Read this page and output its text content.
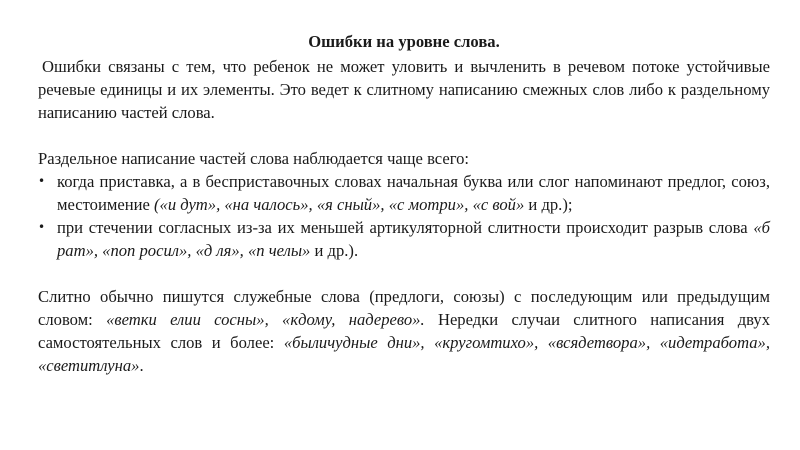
Ошибки на уровне слова.

Ошибки связаны с тем, что ребенок не может уловить и вычленить в речевом потоке устойчивые речевые единицы и их элементы. Это ведет к слитному написанию смежных слов либо к раздельному написанию частей слова.

Раздельное написание частей слова наблюдается чаще всего:

• когда приставка, а в бесприставочных словах начальная буква или слог напоминают предлог, союз, местоимение («и дут», «на чалось», «я сный», «с мотри», «с вой» и др.);
• при стечении согласных из-за их меньшей артикуляторной слитности происходит разрыв слова «б рат», «поп росил», «д ля», «п челы» и др.).

Слитно обычно пишутся служебные слова (предлоги, союзы) с последующим или предыдущим словом: «ветки елии сосны», «кдому, надерево». Нередки случаи слитного написания двух самостоятельных слов и более: «быличудные дни», «кругомтихо», «всядетвора», «идетработа», «светитлуна».
